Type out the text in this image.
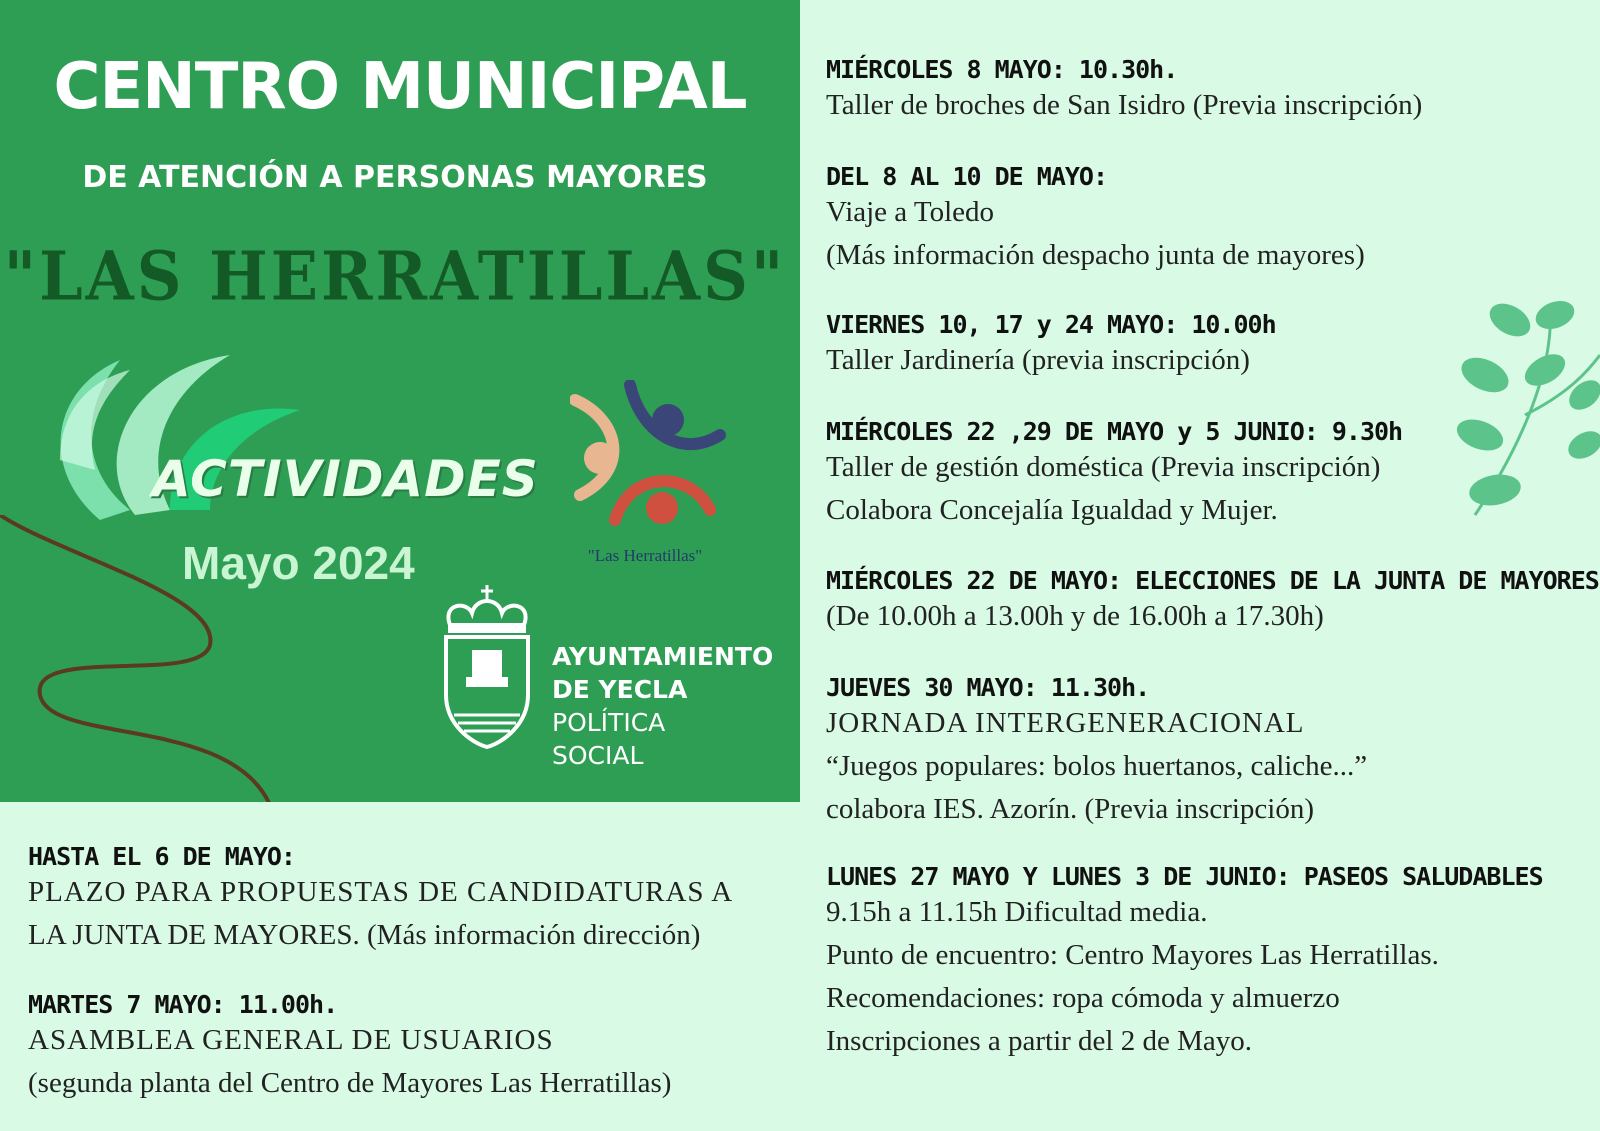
CENTRO MUNICIPAL
DE ATENCIÓN A PERSONAS MAYORES
"LAS HERRATILLAS"
ACTIVIDADES
Mayo 2024	"Las Herratillas"
AYUNTAMIENTO
DE YECLA
POLÍTICA
SOCIAL
HASTA EL 6 DE MAYO:
PLAZO PARA PROPUESTAS DE CANDIDATURAS A
LA JUNTA DE MAYORES. (Más información dirección)
MARTES 7 MAYO: 11.00h.
ASAMBLEA GENERAL DE USUARIOS
(segunda planta del Centro de Mayores Las Herratillas)
MIÉRCOLES 8 MAYO: 10.30h.
Taller de broches de San Isidro (Previa inscripción)
DEL 8 AL 10 DE MAYO:
Viaje a Toledo
(Más información despacho junta de mayores)
VIERNES 10, 17 y 24 MAYO: 10.00h
Taller Jardinería (previa inscripción)
MIÉRCOLES 22 ,29 DE MAYO y 5 JUNIO: 9.30h
Taller de gestión doméstica (Previa inscripción)
Colabora Concejalía Igualdad y Mujer.
MIÉRCOLES 22 DE MAYO: ELECCIONES DE LA JUNTA DE MAYORES
(De 10.00h a 13.00h y de 16.00h a 17.30h)
JUEVES 30 MAYO: 11.30h.
JORNADA INTERGENERACIONAL
“Juegos populares: bolos huertanos, caliche...”
colabora IES. Azorín. (Previa inscripción)
LUNES 27 MAYO Y LUNES 3 DE JUNIO: PASEOS SALUDABLES
9.15h a 11.15h Dificultad media.
Punto de encuentro: Centro Mayores Las Herratillas.
Recomendaciones: ropa cómoda y almuerzo
Inscripciones a partir del 2 de Mayo.
